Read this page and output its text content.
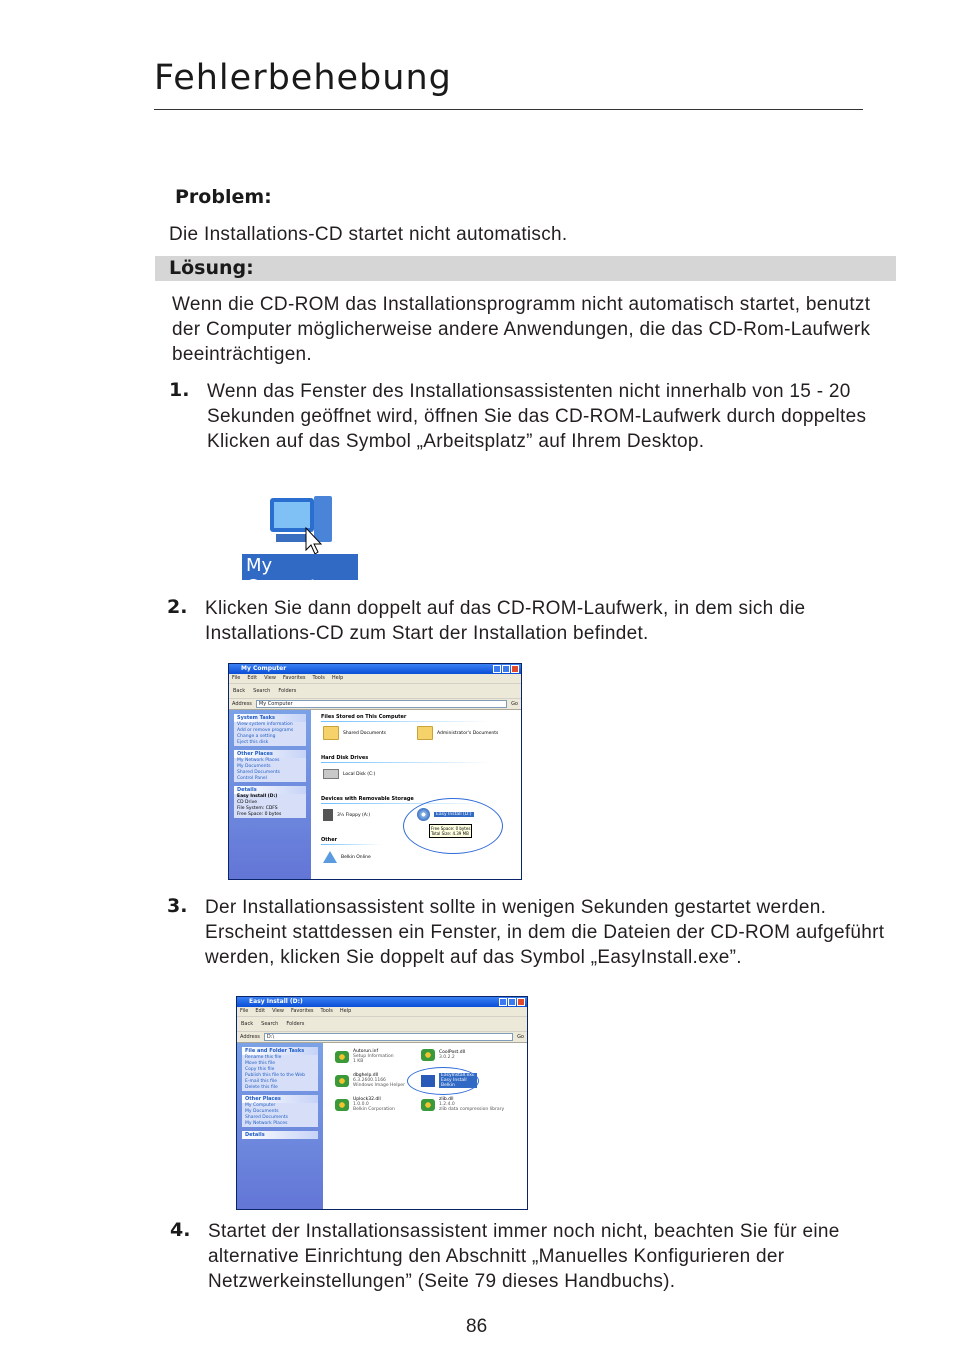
Fehlerbehebung
Problem:
Die Installations-CD startet nicht automatisch.
Lösung:
Wenn die CD-ROM das Installationsprogramm nicht automatisch startet, benutzt der Computer möglicherweise andere Anwendungen, die das CD-Rom-Laufwerk beeinträchtigen.
1. Wenn das Fenster des Installationsassistenten nicht innerhalb von 15 - 20 Sekunden geöffnet wird, öffnen Sie das CD-ROM-Laufwerk durch doppeltes Klicken auf das Symbol „Arbeitsplatz” auf Ihrem Desktop.
My Computer
2. Klicken Sie dann doppelt auf das CD-ROM-Laufwerk, in dem sich die Installations-CD zum Start der Installation befindet.
My Computer
File Edit View Favorites Tools Help
Back Search Folders
Address	My Computer	Go
System Tasks
View system information
Add or remove programs
Change a setting
Eject this disk
Other Places
My Network Places
My Documents
Shared Documents
Control Panel
Details
Easy Install (D:)
CD Drive
File System: CDFS
Free Space: 0 bytes
Files Stored on This Computer
Shared Documents	Administrator's Documents
Hard Disk Drives
Local Disk (C:)
Devices with Removable Storage
3½ Floppy (A:)	Easy Install (D:)
Free Space: 0 bytes
Total Size: 4.39 MB
Other
Belkin Online
3. Der Installationsassistent sollte in wenigen Sekunden gestartet werden. Erscheint stattdessen ein Fenster, in dem die Dateien der CD-ROM aufgeführt werden, klicken Sie doppelt auf das Symbol „EasyInstall.exe”.
Easy Install (D:)
File Edit View Favorites Tools Help
Back Search Folders
Address	D:\	Go
File and Folder Tasks
Rename this file
Move this file
Copy this file
Publish this file to the Web
E-mail this file
Delete this file
Other Places
My Computer
My Documents
Shared Documents
My Network Places
Details
Autorun.inf
Setup Information
1 KB
CoolPost.dll
3.0.2.2
dbghelp.dll
6.3.2600.1166
Windows Image Helper
EasyInstall.exe
Easy Install
Belkin
Uplock32.dll
1.0.0.0
Belkin Corporation
zlib.dll
1.2.4.0
zlib data compression library
4. Startet der Installationsassistent immer noch nicht, beachten Sie für eine alternative Einrichtung den Abschnitt „Manuelles Konfigurieren der Netzwerkeinstellungen” (Seite 79 dieses Handbuchs).
86
